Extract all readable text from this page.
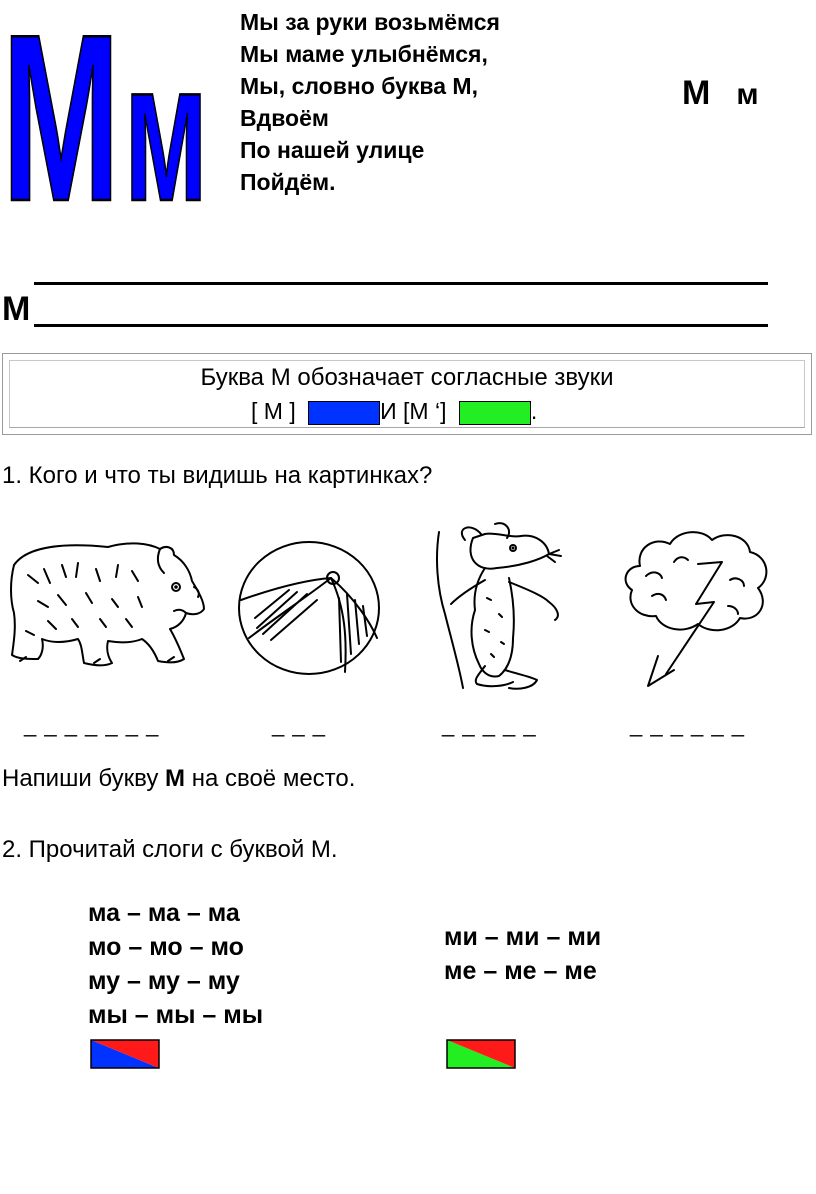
М м Мы за руки возьмёмся
Мы маме улыбнёмся,
Мы, словно буква М,
Вдвоём
По нашей улице
Пойдём.
М м
М
Буква М обозначает согласные звуки
[ М ]	И [М ‘]	.
1. Кого и что ты видишь на картинках?
_ _ _ _ _ _ _	_ _ _	_ _ _ _ _	_ _ _ _ _ _
Напиши букву М на своё место.
2. Прочитай слоги с буквой М.
ма – ма – ма
мо – мо – мо
му – му – му
мы – мы – мы
ми – ми – ми
ме – ме – ме
